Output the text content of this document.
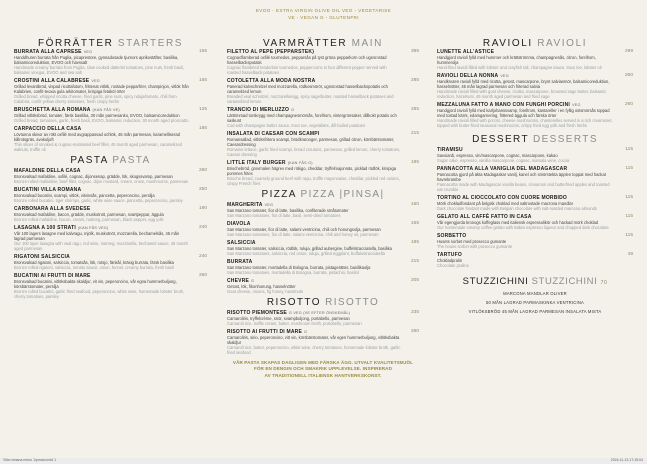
EVOO - EXTRA VIRGIN OLIVE OIL VEG - VEGETARISK
VE - VEGAN G - GLUTENFRI
FÖRRÄTTER STARTERS
BURRATA ALLA CAPRESE VEG	155
Handdhuren burrata från Puglia, picaprestore, gynnadosade tjurnors aprikostäfter, basilika, balsamicoreduktion, EVOO och havssalt
Handmade creamy burrata from Puglia, slow cooked datterini tomatoes, pine nuts, fresh basil, balsamic vinegar, EVOO and sea salt
CROSTINI ALLA CALABRESE VEG	165
Grillad levantbröd, vispad ricottafutom, frittenat vitlök, rostade pepparfrier, champinjon, vitlök från Kalabrien, confit-teoxia gula arkitomater, krispiga fetaköl örter
Grilled bread, whipped ricotta cheese, fried garlic, pine nuts, spicy nduja/tomato, chili from Calabria, confit yellow cherry tomatoes, fresh crispy herbs
BRUSCHETTA ALLA ROMANA (KAN FÅS VE)	125
Grillad vitlöksbröd, tomater, färsk basilika, 30 mån parmesanko, EVOO, balsamicoreduktion
Grilled bread, tomatoes, garlic, fresh basil, EVOO, balsamic reduction, 30 month aged prosciutto
CARPACCIO DELLA CASA	185
Lövtunnа skivor av rökt oxfilé med avgrappasvad ochlök, 45 mån parmesan, karamelliserad kålrotsgräs, avokuljoft
Thin slices of smoked & cognac-marinated beef fillet, 45 month aged parmesan, caramelized walnuts, truffle oil
PASTA PASTA
MAFALDINE DELLA CASA	260
Bronsvalsad mafaldine, oxfilé, cognac, dijonsenap, grädde, lök, skogssvamp, parmesan
Bronze-rolled mafaldine, beef fillet, cognac, dijon mustard, cream, onion, mushrooms, parmesan
BUCATINI VILLA ROMANA	250
Bronsvalsad bucatini, scampi, vitlök, vitvinsås, pancetta, peperoncino, persilja
Bronze rolled bucatini, tiger shrimps, garlic, white wine sauce, pancetta, peperoncino, parsley
CARBONARA ALLA SVEDESE	190
Bronsvalsad mafaldine, bacon, grädde, muskotnöt, parmesan, svartpeppar, äggula
Bronze rolled mafaldine, bacon, cream, nutmeg, parmesan, black pepper, egg yolk
LASAGNA A 100 STRATI (KAN FÅS VEG)	240
Vår 100 lagers lasagne med kalvragu, mjölk, muskotnöt, mozzarella, bechamelsås, 45 mån lagrad parmesan
Our 100 layer lasagna with veal ragu, red wine, nutmeg, mozzarella, bechamel sauce, 45 month aged parmesan
RIGATONI SALSICCIA	240
Bronsvalsad rigatoni, salsiccia, tomatsås, lök, rotsjo, fänkål, kräsig burrata, färsk basilika
Bronze rolled rigatoni, salsiccia, tomato sauce, onion, fennel, creamy burrata, fresh basil
BUCATINI AI FRUTTI DI MARE	260
Bronsvalsad bucatini, vitlöksbakta skaldjur, vit vin, peperoncino, vår egna hummerbuljong, körsbärstomater, persilja
Bronze rolled bucatini, garlic fried seafood, peperoncino, white wine, homemade lobster broth, cherry tomatoes, parsley
VARMRÄTTER MAIN
FILETTO AL PEPE (PEPPARSTEK)	395
Cognacflamberad oxfilé tournedos, pepparsås på tyst gröna pepparkorn och ugnsrostad hasselbackspotatis
Cognac flambéed tenderloin tournedos, peppercorns in four different pepper served with roasted hasselback potatoes
COTOLETTA ALLA MODA NOSTRA	285
Panerad kalvschnitzel med mozzarella, rödkosmörör, ugnsrostad hasselbackspotatis och caramelized lemon
Breaded veal schnitzel, mozzarella/egg, spicy sage/butter, roasted hasselback potatoes and caramelized lemon
TRANCIO DI MERLUZZO G	285
Lättrimmad torskrygg med champagnesmörsås, forellrom, vintergrönsaker, dillkokt potatis och saskunt
Cod with champagne butter sauce, trout roe, vegetables, dill-boiled potatoes
INSALATA DI CAESAR CON SCAMPI	215
Romansallad, vitlöksfriterа scampi, brödkrutonger, parmesan, grillad citron, körsbärstomater, Caesardressing
Romaine lettuce, garlic fried scampi, bread croutons, parmesan, grilled lemon, cherry tomatoes, Caesar dressing
LITTLE ITALY BURGER (KAN FÅS G)	195
Briochebröd, grovmalen högrev med rökigo, cheddar, tryffelmajonnäs, picklad rödlök, krispiga pommes frites
Brioche bread, coarsely ground beef with ragu, truffle mayonnaise, cheddar, pickled red onions, crispy French fries
PIZZA PIZZA |PINSA|
MARGHERITA VEG	160
San Marzano tomater, fior di latte, basilika, confiterade småtomater
San Marzano tomatoes, fior di latte, basil, semi-dried tomatoes
DIAVOLA	165
San Marzano tomater, fior di latte, salami ventricina, chili och honungsolja, parmesan
San Marzano tomatoes, fior di latte, salami ventricina, chili and honey oil, parmesan
SALSICCIA	185
San Marzano tomater, salsiccia, rödlök, ruluja, grillad aubergine, buffelstracciatella, basilika
San Marzano tomatoes, salsiccia, red onion, nduja, grilled eggplant, buffalostracciatella
BURRATA	215
San Marzano tomater, mortadella di Bologna, burrata, pistagerätter, basilikaolja
San Marzano tomatoes, mortadella di Bologna, burrata, pistachio, basilol
CHEVRE G	205
Getost, lök, fikonhonung, hasselnötter
Goat cheese, onions, fig honey, hazelnuts
RISOTTO RISOTTO
RISOTTO PIEMONTESE G VEG (VE EFTER ÖNSKEMÅL)	235
Carnaroliris, tryffelcrème, snör, svampbuljong, portabello, parmesan
Carnaroli rice, truffle cream, butter, mushroom broth, portobello, parmesan
RISOTTO AI FRUTTI DI MARE G	260
Carnaroliris, sirio, peperoncino, vitt vin, körsbärstomater, vår egen hummerbuljong, vitlöksbakta skaldjur
Carnaroli rice, butter, peperoncino, white wine, cherry tomatoes, homemade lobster broth, garlic fried seafood
VÅR PASTA SKAPAS DAGLIGEN MED FÄRSKA ÄGG. UTVALT KVALITETSMJÖL
FÖR EN DENGIN OCH SMAKRIK UPPLEVELSE. INSPIRERAD
AV TRADITIONELL ITALIENSK HANTVERKSKONST.
RAVIOLI RAVIOLI
LUNETTE ALL'ASTICE	299
Handgjord ravioli fylld med hummer och krättströmma, champagnesås, citron, forellrom, hummerolja
Hand-filed ravioli filled with lobster and crayfish tail, champagne sauce, trout roe, lobster oil
RAVIOLI DELLA NONNA VEG	260
Handknuten ravioli fylld med ricotta, getost, mascarpone, brynt salviasmör, balsamicoreduktion, hasselnötter, 45 mån lagrad parmesan och friterad salvia
Handmade ravioli filled with goat cheese, ricotta, mascarpone, browned sage butter, balsamic reduction, hazelnuts, 45 month aged parmesan and fried sage
MEZZALUNA FATTO A MANO CON FUNGHI PORCINI VEG	260
Handgjord ravioli fylld med karljohanssvamp, forellrom, kantareller i en fyllig ostsmörsås toppad med tostad kärnt, edamgarnering, frittered äggula och färska örter
Handmade ravioli filled with porcini, cheese mushrooms, chanterelles served in a rich creamsnet, topped with butter-fried seasonal mushrooms, crispy fried egg yolk and fresh herbs
DESSERT DESSERTS
TIRAMISU	115
Savoiardi, espresso, vin/mascarpone, cognac, mascarpone, kakao
Sugar cake, espresso, vanilla mascarpone, cognac, marsala wine, cocoa
PANNACOTTA ALLA VANIGLIA DEL MADAGASCAR	115
Pannacotta gjord på äkta Madagaskar vanilj, kanel och smörstekta äpplen toppat med hackat havrekrambe
Pannacotta made with Madagascar vanilla beans, cinnamon and butterfried apples and toasted oat crumble
TORTINO AL CIOCCOLATO CON CUORE MORBIDO	115
Mörk chokladfondant på belgisk choklad med saltrostade macrona mandlar
Dark chocolate fondant made with Belgian chocolate with salt-roasted marcona almonds
GELATO ALL CAFFÈ FATTO IN CASA	115
Vår egengjorda kronogs koffeglass med italiensk espressolikör och hackad mörk choklad
Our homemade creamy coffee gelato with Italian espresso liqueur and chopped dark chocolate
SORBETTO	115
Husets sorbet med prosecco gumante
The house sorbet with prosecco gumante
TARTUFO	49
Chokladpralin
Chocolate praline
STUZZICHINI STUZZICHINI 70
MARCONA MANDLAR OLIVER
50 MÅN LAGRAD PARMASKINKA VENTRICINA
VITLÖKSBRÖD 45 MÅN LAGRAD PARMESAN INSALATA MISTA
Villa romana menu 1/pmaio.indd 1	2024-11-13 17:15:04
